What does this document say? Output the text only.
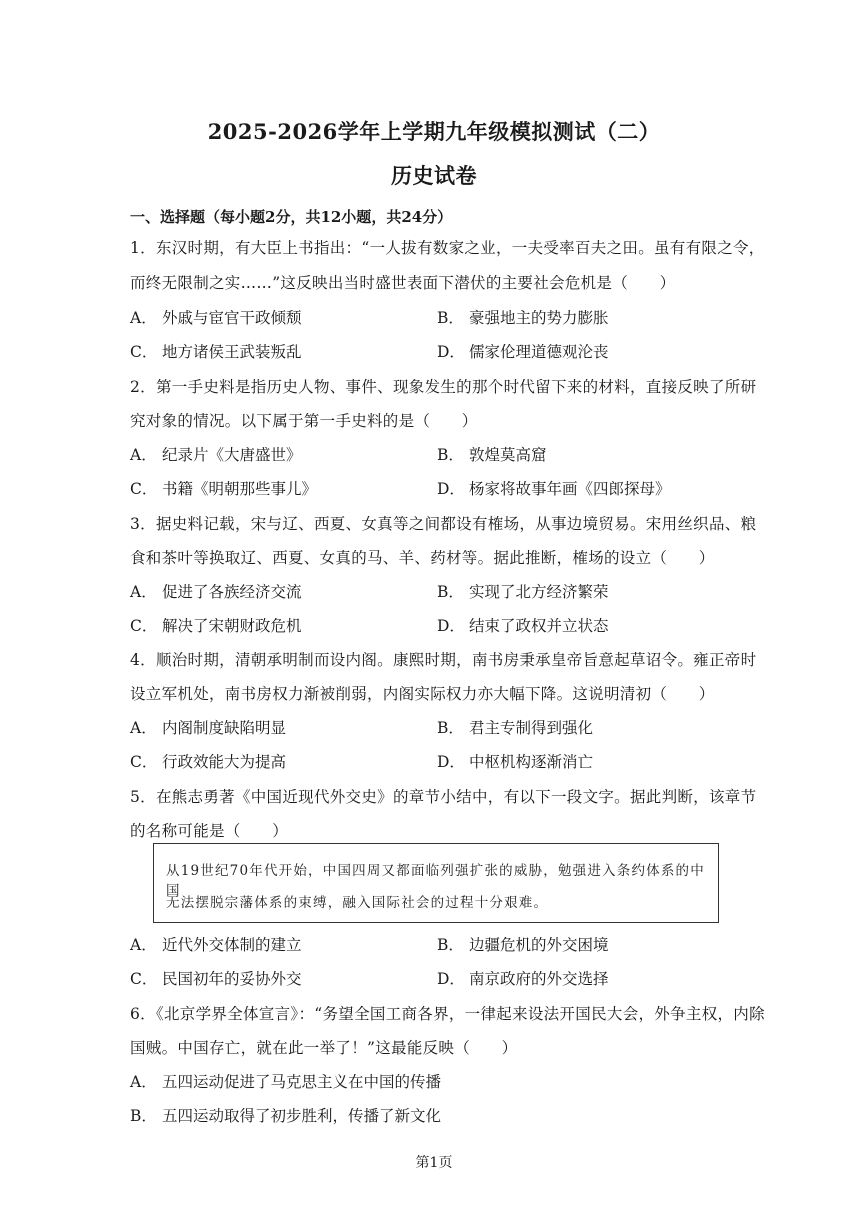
2025-2026学年上学期九年级模拟测试（二）
历史试卷
一、选择题（每小题2分，共12小题，共24分）
1．东汉时期，有大臣上书指出：“一人拔有数家之业，一夫受率百夫之田。虽有有限之令，
而终无限制之实……”这反映出当时盛世表面下潜伏的主要社会危机是（　　）
A． 外戚与宦官干政倾颓	B． 豪强地主的势力膨胀
C． 地方诸侯王武装叛乱	D． 儒家伦理道德观沦丧
2．第一手史料是指历史人物、事件、现象发生的那个时代留下来的材料，直接反映了所研
究对象的情况。以下属于第一手史料的是（　　）
A． 纪录片《大唐盛世》	B． 敦煌莫高窟
C． 书籍《明朝那些事儿》	D． 杨家将故事年画《四郎探母》
3．据史料记载，宋与辽、西夏、女真等之间都设有榷场，从事边境贸易。宋用丝织品、粮
食和茶叶等换取辽、西夏、女真的马、羊、药材等。据此推断，榷场的设立（　　）
A． 促进了各族经济交流	B． 实现了北方经济繁荣
C． 解决了宋朝财政危机	D． 结束了政权并立状态
4．顺治时期，清朝承明制而设内阁。康熙时期，南书房秉承皇帝旨意起草诏令。雍正帝时
设立军机处，南书房权力渐被削弱，内阁实际权力亦大幅下降。这说明清初（　　）
A． 内阁制度缺陷明显	B． 君主专制得到强化
C． 行政效能大为提高	D． 中枢机构逐渐消亡
5．在熊志勇著《中国近现代外交史》的章节小结中，有以下一段文字。据此判断，该章节
的名称可能是（　　）
从19世纪70年代开始，中国四周又都面临列强扩张的威胁，勉强进入条约体系的中国
无法摆脱宗藩体系的束缚，融入国际社会的过程十分艰难。
A． 近代外交体制的建立	B． 边疆危机的外交困境
C． 民国初年的妥协外交	D． 南京政府的外交选择
6．《北京学界全体宣言》：“务望全国工商各界，一律起来设法开国民大会，外争主权，内除
国贼。中国存亡，就在此一举了！”这最能反映（　　）
A． 五四运动促进了马克思主义在中国的传播
B． 五四运动取得了初步胜利，传播了新文化
第1页
